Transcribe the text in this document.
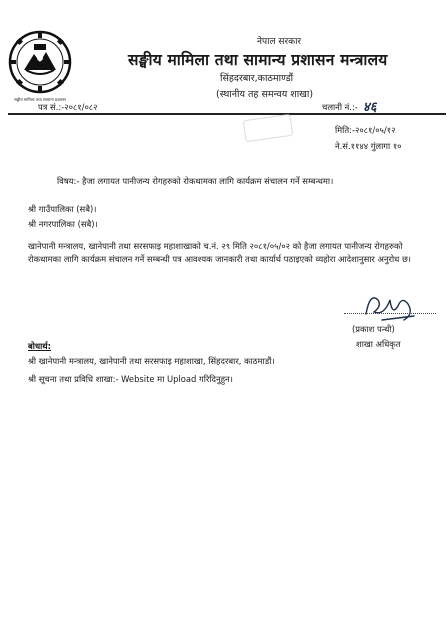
नेपाल सरकार
सङ्घीय मामिला तथा सामान्य प्रशासन मन्त्रालय
सिंहदरबार,काठमाण्डौं
(स्थानीय तह समन्वय शाखा)
सङ्घीय मामिला तथा सामान्य प्रशासन
पत्र सं.:-२०८१/०८२	चलानी नं.:- ४६
मिति:-२०८१/०५/१२
ने.सं.११४४ गुंलागा १०
विषय:- हैजा लगायत पानीजन्य रोगहरुको रोकथामका लागि कार्यक्रम संचालन गर्ने सम्बन्धमा।
श्री गाउँपालिका (सबै)।
श्री नगरपालिका (सबै)।
खानेपानी मन्त्रालय, खानेपानी तथा सरसफाइ महाशाखाको च.नं. २९ मिति २०८१/०५/०२ को हैजा लगायत पानीजन्य रोगहरुको रोकथामका लागि कार्यक्रम संचालन गर्ने सम्बन्धी पत्र आवश्यक जानकारी तथा कार्यार्थ पठाइएको व्यहोरा आदेशानुसार अनुरोध छ।
(प्रकाश पन्थी)
शाखा अधिकृत
बोधार्थ:
श्री खानेपानी मन्त्रालय, खानेपानी तथा सरसफाइ महाशाखा, सिंहदरबार, काठमाडौं।
श्री सूचना तथा प्रविधि शाखा:- Website मा Upload गरिदिनुहुन।
